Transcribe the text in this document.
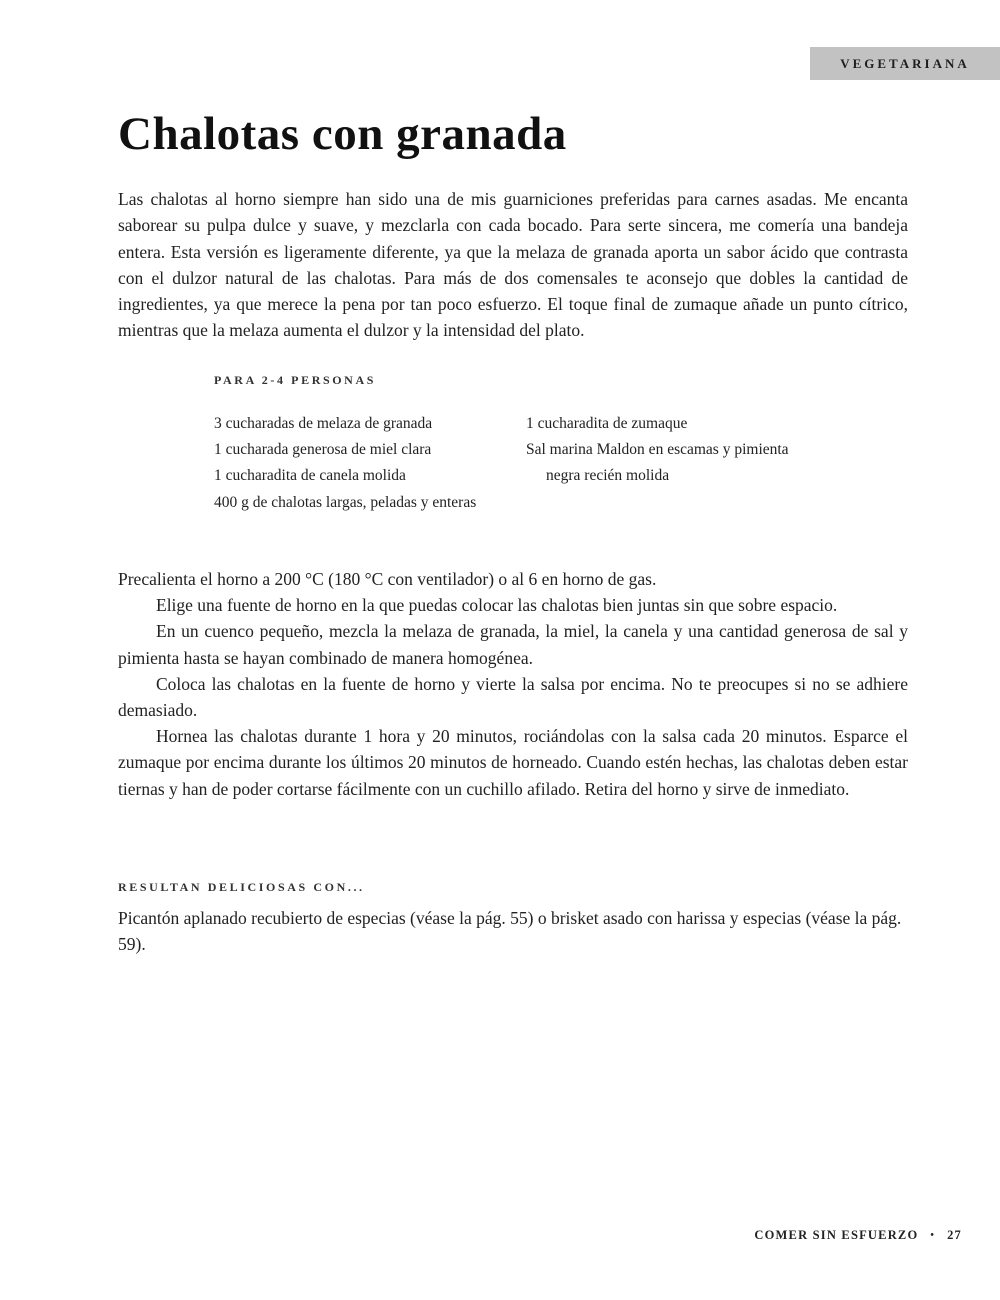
VEGETARIANA
Chalotas con granada

Las chalotas al horno siempre han sido una de mis guarniciones preferidas para carnes asadas. Me encanta saborear su pulpa dulce y suave, y mezclarla con cada bocado. Para serte sincera, me comería una bandeja entera. Esta versión es ligeramente diferente, ya que la melaza de granada aporta un sabor ácido que contrasta con el dulzor natural de las chalotas. Para más de dos comensales te aconsejo que dobles la cantidad de ingredientes, ya que merece la pena por tan poco esfuerzo. El toque final de zumaque añade un punto cítrico, mientras que la melaza aumenta el dulzor y la intensidad del plato.

PARA 2-4 PERSONAS
3 cucharadas de melaza de granada
1 cucharada generosa de miel clara
1 cucharadita de canela molida
400 g de chalotas largas, peladas y enteras
1 cucharadita de zumaque
Sal marina Maldon en escamas y pimienta negra recién molida

Precalienta el horno a 200 °C (180 °C con ventilador) o al 6 en horno de gas.

Elige una fuente de horno en la que puedas colocar las chalotas bien juntas sin que sobre espacio.

En un cuenco pequeño, mezcla la melaza de granada, la miel, la canela y una cantidad generosa de sal y pimienta hasta se hayan combinado de manera homogénea.

Coloca las chalotas en la fuente de horno y vierte la salsa por encima. No te preocupes si no se adhiere demasiado.

Hornea las chalotas durante 1 hora y 20 minutos, rociándolas con la salsa cada 20 minutos. Esparce el zumaque por encima durante los últimos 20 minutos de horneado. Cuando estén hechas, las chalotas deben estar tiernas y han de poder cortarse fácilmente con un cuchillo afilado. Retira del horno y sirve de inmediato.

RESULTAN DELICIOSAS CON...

Picantón aplanado recubierto de especias (véase la pág. 55) o brisket asado con harissa y especias (véase la pág. 59).

COMER SIN ESFUERZO • 27
